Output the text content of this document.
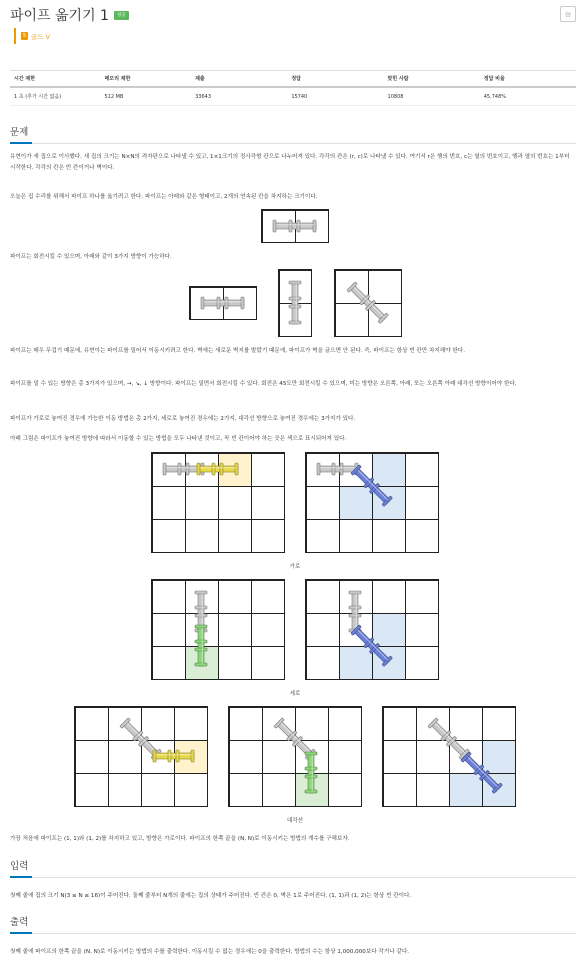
파이프 옮기기 1	성공	☆
5 골드 V
시간 제한	메모리 제한	제출	정답	맞힌 사람	정답 비율
1 초 (추가 시간 없음)	512 MB	33643	15740	10808	45.748%
문제
유현이가 새 집으로 이사했다. 새 집의 크기는 N×N의 격자판으로 나타낼 수 있고, 1×1크기의 정사각형 칸으로 나누어져 있다. 각각의 칸은 (r, c)로 나타낼 수 있다. 여기서 r은 행의 번호, c는 열의 번호이고, 행과 열의 번호는 1부터 시작한다. 각각의 칸은 빈 칸이거나 벽이다.
오늘은 집 수리를 위해서 파이프 하나를 옮기려고 한다. 파이프는 아래와 같은 형태이고, 2개의 연속된 칸을 차지하는 크기이다.
파이프는 회전시킬 수 있으며, 아래와 같이 3가지 방향이 가능하다.
파이프는 매우 무겁기 때문에, 유현이는 파이프를 밀어서 이동시키려고 한다. 벽에는 새로운 벽지를 발랐기 때문에, 파이프가 벽을 긁으면 안 된다. 즉, 파이프는 항상 빈 칸만 차지해야 한다.
파이프를 밀 수 있는 방향은 총 3가지가 있으며, →, ↘, ↓ 방향이다. 파이프는 밀면서 회전시킬 수 있다. 회전은 45도만 회전시킬 수 있으며, 미는 방향은 오른쪽, 아래, 또는 오른쪽 아래 대각선 방향이어야 한다.
파이프가 가로로 놓여진 경우에 가능한 이동 방법은 총 2가지, 세로로 놓여진 경우에는 2가지, 대각선 방향으로 놓여진 경우에는 3가지가 있다.
아래 그림은 파이프가 놓여진 방향에 따라서 이동할 수 있는 방법을 모두 나타낸 것이고, 꼭 빈 칸이어야 하는 곳은 색으로 표시되어져 있다.
가로
세로
대각선
가장 처음에 파이프는 (1, 1)와 (1, 2)를 차지하고 있고, 방향은 가로이다. 파이프의 한쪽 끝을 (N, N)로 이동시키는 방법의 개수를 구해보자.
입력
첫째 줄에 집의 크기 N(3 ≤ N ≤ 16)이 주어진다. 둘째 줄부터 N개의 줄에는 집의 상태가 주어진다. 빈 칸은 0, 벽은 1로 주어진다. (1, 1)과 (1, 2)는 항상 빈 칸이다.
출력
첫째 줄에 파이프의 한쪽 끝을 (N, N)로 이동시키는 방법의 수를 출력한다. 이동시킬 수 없는 경우에는 0을 출력한다. 방법의 수는 항상 1,000,000보다 작거나 같다.
